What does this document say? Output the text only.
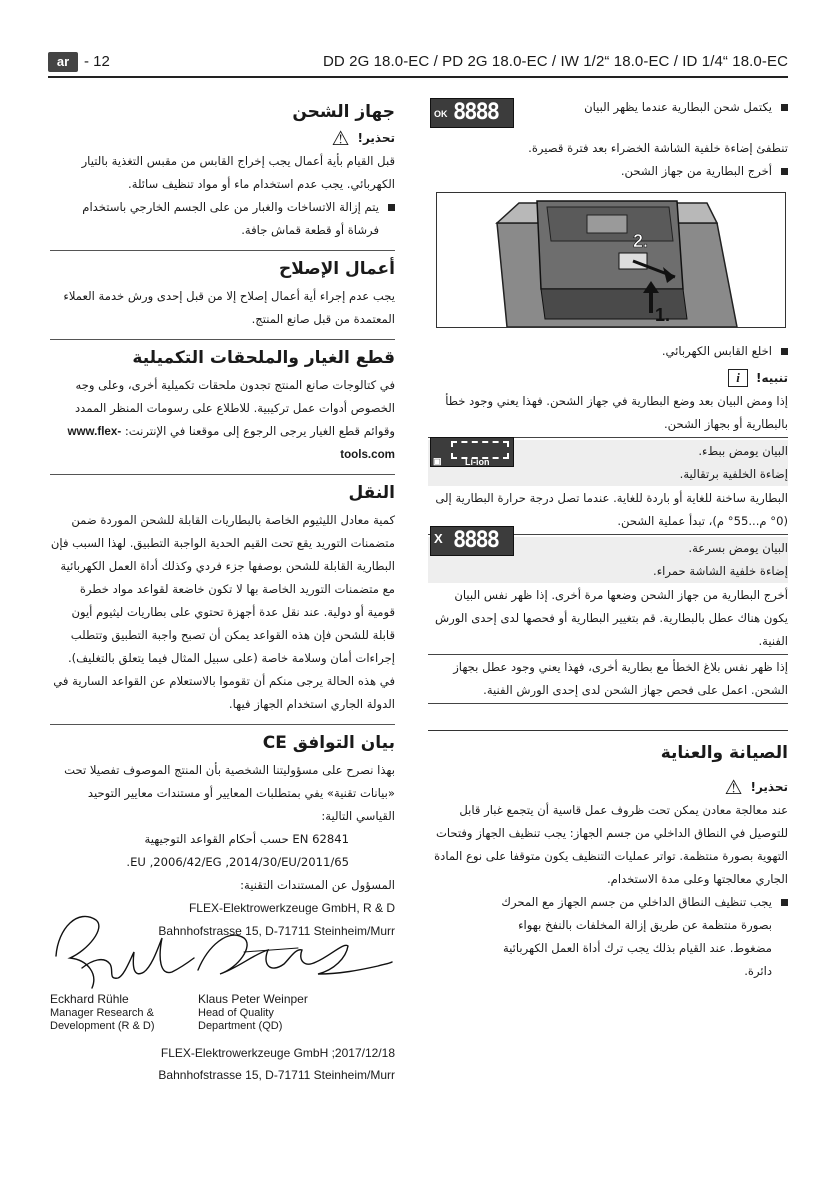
ar - 12	DD 2G 18.0-EC / PD 2G 18.0-EC / IW 1/2“ 18.0-EC / ID 1/4“ 18.0-EC
جهاز الشحن
تحذير!
⚠

قبل القيام بأية أعمال يجب إخراج القابس من مقبس التغذية بالتيار الكهربائي. يجب عدم استخدام ماء أو مواد تنظيف سائلة.

يتم إزالة الاتساخات والغبار من على الجسم الخارجي باستخدام فرشاة أو قطعة قماش جافة.
أعمال الإصلاح

يجب عدم إجراء أية أعمال إصلاح إلا من قبل إحدى ورش خدمة العملاء المعتمدة من قبل صانع المنتج.

قطع الغيار والملحقات التكميلية

في كتالوجات صانع المنتج تجدون ملحقات تكميلية أخرى، وعلى وجه الخصوص أدوات عمل تركيبية. للاطلاع على رسومات المنظر الممدد وقوائم قطع الغيار يرجى الرجوع إلى موقعنا في الإنترنت: www.flex-tools.com

النقل

كمية معادل الليثيوم الخاصة بالبطاريات القابلة للشحن الموردة ضمن متضمنات التوريد يقع تحت القيم الحدية الواجبة التطبيق. لهذا السبب فإن البطارية القابلة للشحن بوصفها جزء فردي وكذلك أداة العمل الكهربائية مع متضمنات التوريد الخاصة بها لا تكون خاضعة لقواعد مواد خطرة قومية أو دولية. عند نقل عدة أجهزة تحتوي على بطاريات ليثيوم أيون قابلة للشحن فإن هذه القواعد يمكن أن تصبح واجبة التطبيق وتتطلب إجراءات أمان وسلامة خاصة (على سبيل المثال فيما يتعلق بالتغليف). في هذه الحالة يرجى منكم أن تقوموا بالاستعلام عن القواعد السارية في الدولة الجاري استخدام الجهاز فيها.

بيان التوافق CE

بهذا نصرح على مسؤوليتنا الشخصية بأن المنتج الموصوف تفصيلا تحت «بيانات تقنية» يفي بمتطلبات المعايير أو مستندات معايير التوحيد القياسي التالية:

EN 62841 حسب أحكام القواعد التوجيهية

2011/65/EU ,2006/42/EG ,2014/30/EU.

المسؤول عن المستندات التقنية:

FLEX-Elektrowerkzeuge GmbH, R & D
Bahnhofstrasse 15, D-71711 Steinheim/Murr
Eckhard Rühle
Manager Research &
Development (R & D)
Klaus Peter Weinper
Head of Quality
Department (QD)
FLEX-Elektrowerkzeuge GmbH ;2017/12/18
Bahnhofstrasse 15, D-71711 Steinheim/Murr
يكتمل شحن البطارية عندما يظهر البيان

تنطفئ إضاءة خلفية الشاشة الخضراء بعد فترة قصيرة.

أخرج البطارية من جهاز الشحن.
OK 8888
2.
1.
اخلع القابس الكهربائي.
تنبيه!
i

إذا ومض البيان بعد وضع البطارية في جهاز الشحن. فهذا يعني وجود خطأ بالبطارية أو بجهاز الشحن.

البيان يومض ببطء.

إضاءة الخلفية برتقالية.

البطارية ساخنة للغاية أو باردة للغاية. عندما تصل درجة حرارة البطارية إلى (0° م...55° م)، تبدأ عملية الشحن.

البيان يومض بسرعة.

إضاءة خلفية الشاشة حمراء.

أخرج البطارية من جهاز الشحن وضعها مرة أخرى. إذا ظهر نفس البيان يكون هناك عطل بالبطارية. قم بتغيير البطارية أو فحصها لدى إحدى الورش الفنية.

إذا ظهر نفس بلاغ الخطأ مع بطارية أخرى، فهذا يعني وجود عطل بجهاز الشحن. اعمل على فحص جهاز الشحن لدى إحدى الورش الفنية.

الصيانة والعناية
تحذير!
⚠

عند معالجة معادن يمكن تحت ظروف عمل قاسية أن يتجمع غبار قابل للتوصيل في النطاق الداخلي من جسم الجهاز: يجب تنظيف الجهاز وفتحات التهوية بصورة منتظمة. تواتر عمليات التنظيف يكون متوقفا على نوع المادة الجاري معالجتها وعلى مدة الاستخدام.

يجب تنظيف النطاق الداخلي من جسم الجهاز مع المحرك بصورة منتظمة عن طريق إزالة المخلفات بالنفخ بهواء مضغوط. عند القيام بذلك يجب ترك أداة العمل الكهربائية دائرة.
▣	Li-ion
X 8888
